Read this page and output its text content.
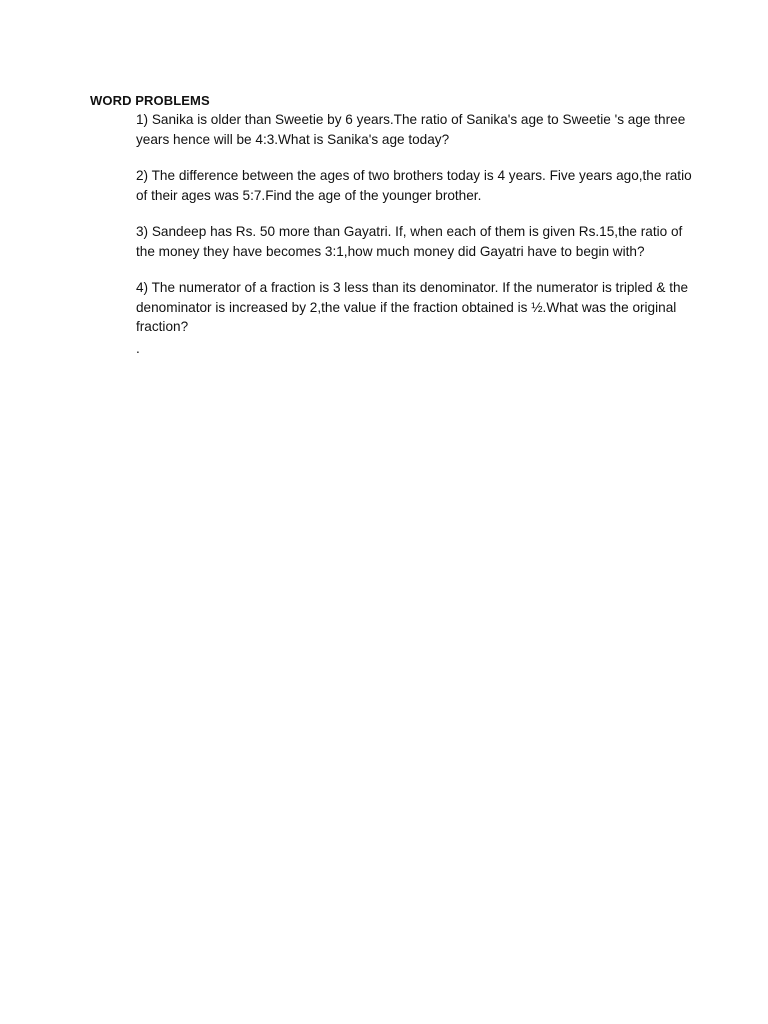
WORD PROBLEMS
1) Sanika is older than Sweetie by 6 years.The ratio of Sanika's age to Sweetie 's age three years hence will be 4:3.What is Sanika's age today?
2) The difference between the ages of two brothers today is 4 years. Five years ago,the ratio of their ages was 5:7.Find the age of the younger brother.
3) Sandeep has Rs. 50 more than Gayatri. If, when each of them is given Rs.15,the ratio of the money they have becomes 3:1,how much money did Gayatri have to begin with?
4) The numerator of a fraction is 3 less than its denominator. If the numerator is tripled & the denominator is increased by 2,the value if the fraction obtained is ½.What was the original fraction?
.
